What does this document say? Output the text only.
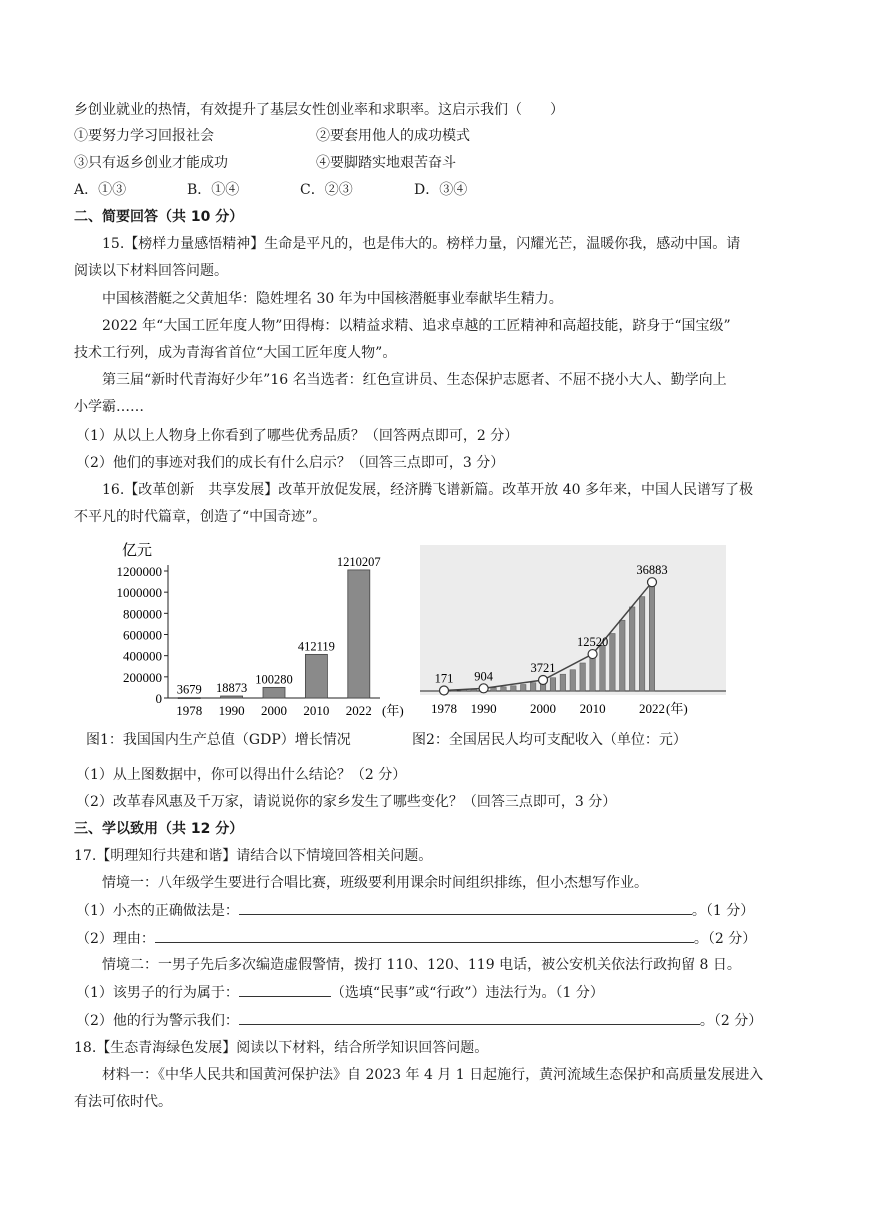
乡创业就业的热情，有效提升了基层女性创业率和求职率。这启示我们（　　）
①要努力学习回报社会	②要套用他人的成功模式
③只有返乡创业才能成功	④要脚踏实地艰苦奋斗
A．①③	B．①④	C．②③	D．③④
二、简要回答（共 10 分）
15.【榜样力量感悟精神】生命是平凡的，也是伟大的。榜样力量，闪耀光芒，温暖你我，感动中国。请
阅读以下材料回答问题。
中国核潜艇之父黄旭华：隐姓埋名 30 年为中国核潜艇事业奉献毕生精力。
2022 年“大国工匠年度人物”田得梅：以精益求精、追求卓越的工匠精神和高超技能，跻身于“国宝级”
技术工行列，成为青海省首位“大国工匠年度人物”。
第三届“新时代青海好少年”16 名当选者：红色宣讲员、生态保护志愿者、不屈不挠小大人、勤学向上
小学霸……
（1）从以上人物身上你看到了哪些优秀品质？（回答两点即可，2 分）
（2）他们的事迹对我们的成长有什么启示？（回答三点即可，3 分）
16.【改革创新　共享发展】改革开放促发展，经济腾飞谱新篇。改革开放 40 多年来，中国人民谱写了极
不平凡的时代篇章，创造了“中国奇迹”。
亿元
0
200000
400000
600000
800000
1000000
1200000
3679
1978
18873
1990
100280
2000
412119
2010
1210207
2022 (年)
图1：我国国内生产总值（GDP）增长情况
171 904
3721
12520
36883
1978 1990	2000 2010	2022 (年)
图2：全国居民人均可支配收入（单位：元）
（1）从上图数据中，你可以得出什么结论？（2 分）
（2）改革春风惠及千万家，请说说你的家乡发生了哪些变化？（回答三点即可，3 分）
三、学以致用（共 12 分）
17.【明理知行共建和谐】请结合以下情境回答相关问题。
情境一：八年级学生要进行合唱比赛，班级要利用课余时间组织排练，但小杰想写作业。
（1）小杰的正确做法是：	。（1 分）
（2）理由：	。（2 分）
情境二：一男子先后多次编造虚假警情，拨打 110、120、119 电话，被公安机关依法行政拘留 8 日。
（1）该男子的行为属于：	（选填“民事”或“行政”）违法行为。（1 分）
（2）他的行为警示我们：	。（2 分）
18.【生态青海绿色发展】阅读以下材料，结合所学知识回答问题。
材料一：《中华人民共和国黄河保护法》自 2023 年 4 月 1 日起施行，黄河流域生态保护和高质量发展进入
有法可依时代。
